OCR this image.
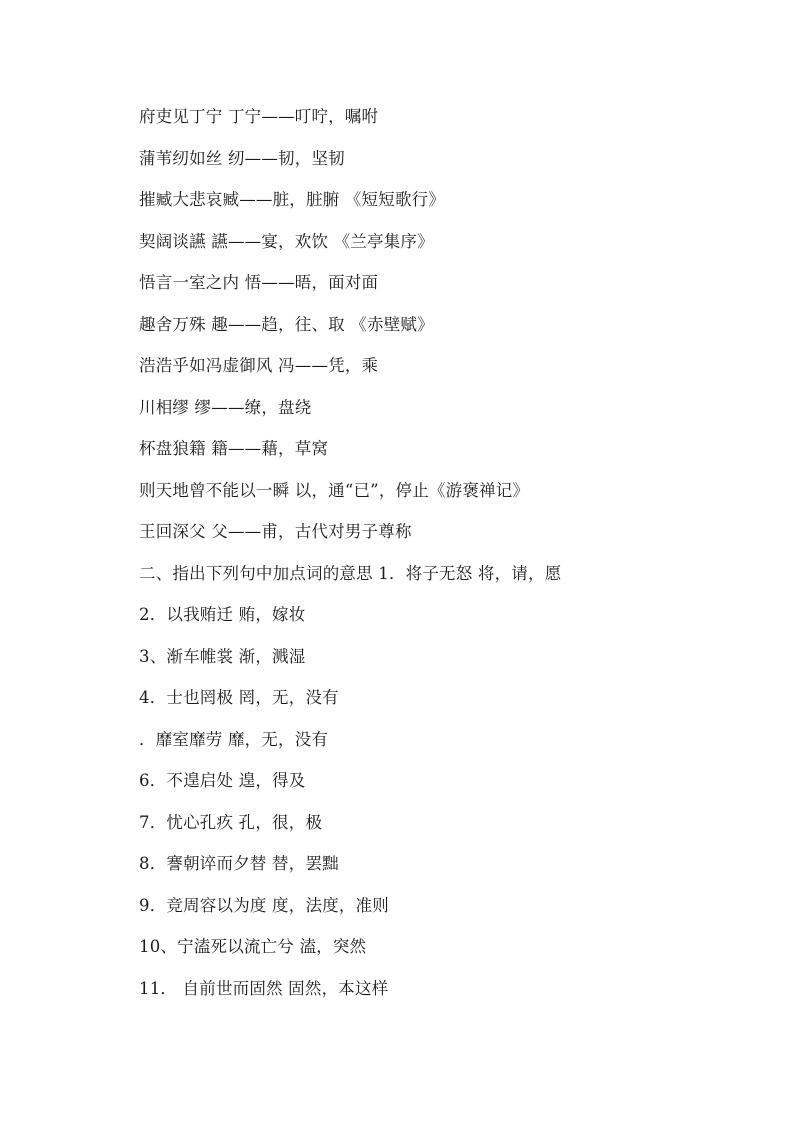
府吏见丁宁 丁宁——叮咛，嘱咐
蒲苇纫如丝 纫——韧，坚韧
摧臧大悲哀臧——脏，脏腑 《短短歌行》
契阔谈讌 讌——宴，欢饮 《兰亭集序》
悟言一室之内 悟——晤，面对面
趣舍万殊 趣——趋，往、取 《赤壁赋》
浩浩乎如冯虚御风 冯——凭，乘
川相缪 缪——缭，盘绕
杯盘狼籍 籍——藉，草窝
则天地曾不能以一瞬 以，通“已”，停止《游褒禅记》
王回深父 父——甫，古代对男子尊称
二、指出下列句中加点词的意思 1．将子无怒 将，请，愿
2．以我贿迁 贿，嫁妆
3、渐车帷裳 渐，溅湿
4．士也罔极 罔，无，没有
．靡室靡劳 靡，无，没有
6．不遑启处 遑，得及
7．忧心孔疚 孔，很，极
8．謇朝谇而夕替 替，罢黜
9．竞周容以为度 度，法度，准则
10、宁溘死以流亡兮 溘，突然
11． 自前世而固然 固然，本这样
